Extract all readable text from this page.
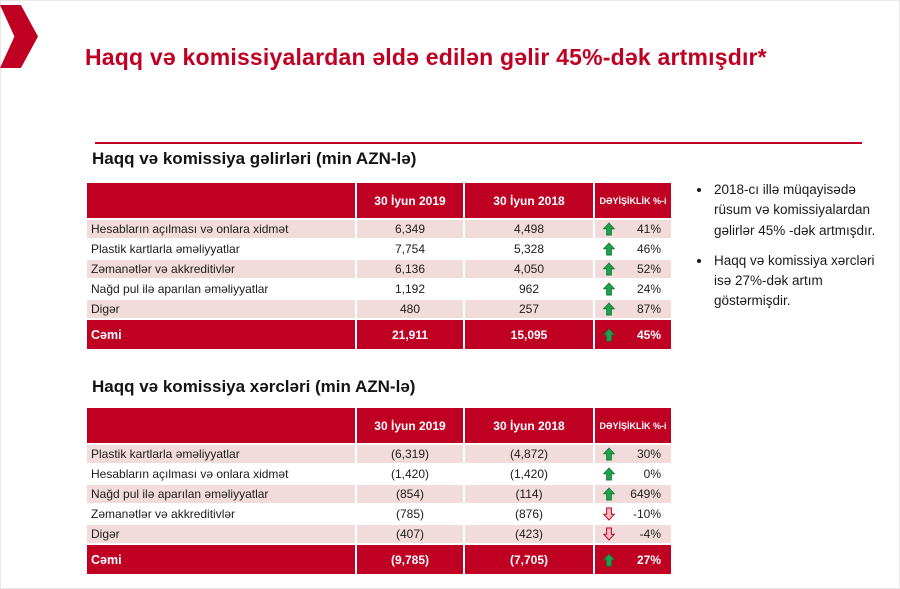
Haqq və komissiyalardan əldə edilən gəlir 45%-dək artmışdır*
Haqq və komissiya gəlirləri (min AZN-lə)
	30 İyun 2019	30 İyun 2018	DƏYİŞİKLİK %-i
Hesabların açılması və onlara xidmət	6,349	4,498	41%

Plastik kartlarla əməliyyatlar	7,754	5,328	46%

Zəmanətlər və akkreditivlər	6,136	4,050	52%

Nağd pul ilə aparılan əməliyyatlar	1,192	962	24%

Digər	480	257	87%

Cəmi	21,911	15,095	45%
• 2018-cı illə müqayisədə rüsum və komissiyalardan gəlirlər 45% -dək artmışdır.
• Haqq və komissiya xərcləri isə 27%-dək artım göstərmişdir.
Haqq və komissiya xərcləri (min AZN-lə)
	30 İyun 2019	30 İyun 2018	DƏYİŞİKLİK %-i
Plastik kartlarla əməliyyatlar	(6,319)	(4,872)	30%

Hesabların açılması və onlara xidmət	(1,420)	(1,420)	0%

Nağd pul ilə aparılan əməliyyatlar	(854)	(114)	649%

Zəmanətlər və akkreditivlər	(785)	(876)	-10%

Digər	(407)	(423)	-4%

Cəmi	(9,785)	(7,705)	27%
